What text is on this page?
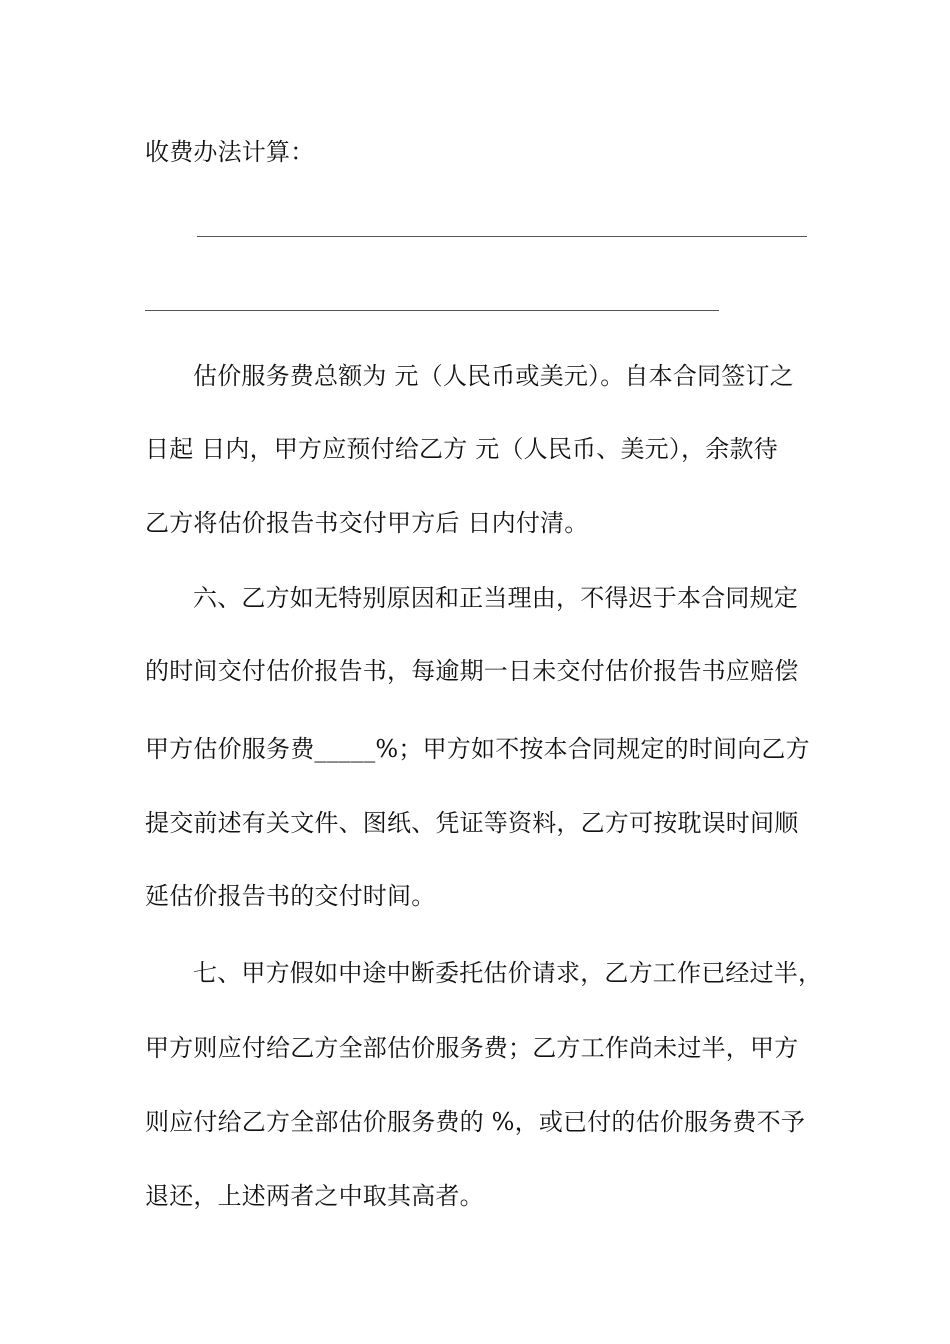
收费办法计算：
估价服务费总额为 元（人民币或美元）。自本合同签订之
日起 日内，甲方应预付给乙方 元（人民币、美元），余款待
乙方将估价报告书交付甲方后 日内付清。
六、乙方如无特别原因和正当理由，不得迟于本合同规定
的时间交付估价报告书，每逾期一日未交付估价报告书应赔偿
甲方估价服务费_____%；甲方如不按本合同规定的时间向乙方
提交前述有关文件、图纸、凭证等资料，乙方可按耽误时间顺
延估价报告书的交付时间。
七、甲方假如中途中断委托估价请求，乙方工作已经过半，
甲方则应付给乙方全部估价服务费；乙方工作尚未过半，甲方
则应付给乙方全部估价服务费的 %，或已付的估价服务费不予
退还，上述两者之中取其高者。
